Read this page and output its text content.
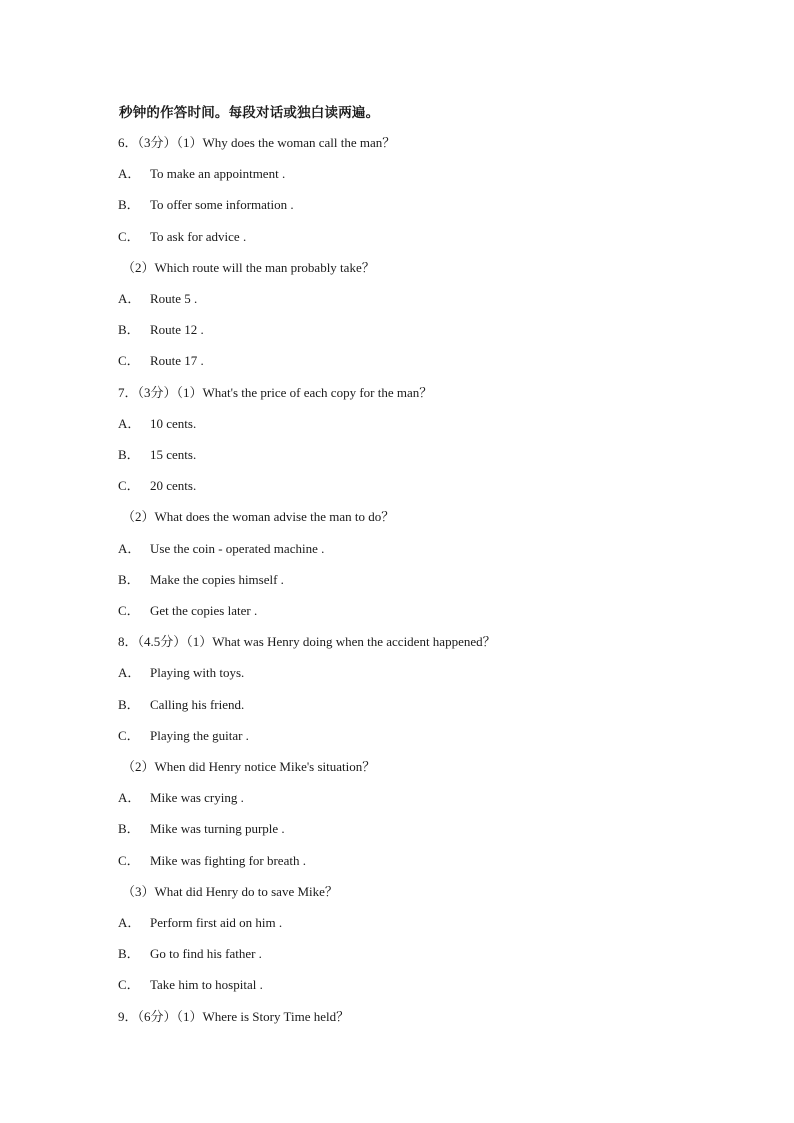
秒钟的作答时间。每段对话或独白读两遍。
6．（3分）（1）Why does the woman call the man？
A． To make an appointment .
B． To offer some information .
C． To ask for advice .
（2）Which route will the man probably take？
A． Route 5 .
B． Route 12 .
C． Route 17 .
7．（3分）（1）What's the price of each copy for the man？
A． 10 cents.
B． 15 cents.
C． 20 cents.
（2）What does the woman advise the man to do？
A． Use the coin - operated machine .
B． Make the copies himself .
C． Get the copies later .
8．（4.5分）（1）What was Henry doing when the accident happened？
A． Playing with toys.
B． Calling his friend.
C． Playing the guitar .
（2）When did Henry notice Mike's situation？
A． Mike was crying .
B． Mike was turning purple .
C． Mike was fighting for breath .
（3）What did Henry do to save Mike？
A． Perform first aid on him .
B． Go to find his father .
C． Take him to hospital .
9．（6分）（1）Where is Story Time held？
